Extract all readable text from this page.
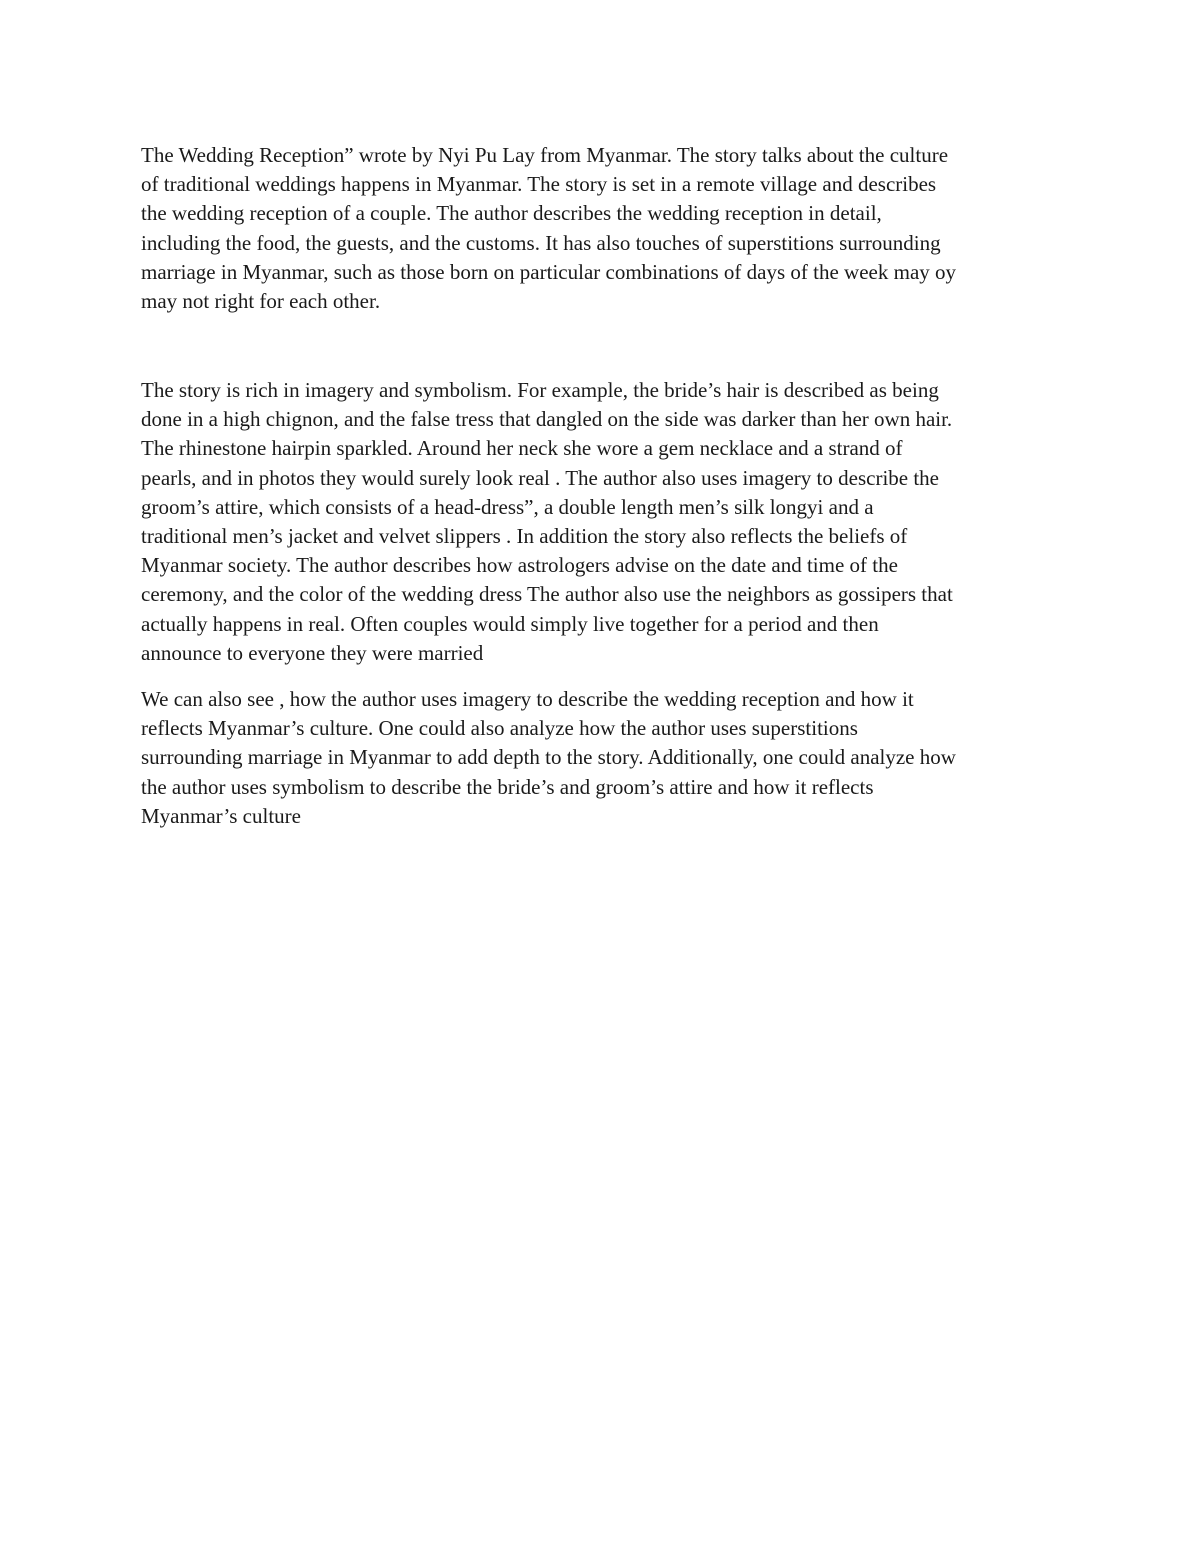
The Wedding Reception” wrote by Nyi Pu Lay from Myanmar. The story talks about the culture
of traditional weddings happens in Myanmar. The story is set in a remote village and describes
the wedding reception of a couple. The author describes the wedding reception in detail,
including the food, the guests, and the customs. It has also touches of superstitions surrounding
marriage in Myanmar, such as those born on particular combinations of days of the week may oy
may not right for each other.
The story is rich in imagery and symbolism. For example, the bride’s hair is described as being
done in a high chignon, and the false tress that dangled on the side was darker than her own hair.
The rhinestone hairpin sparkled. Around her neck she wore a gem necklace and a strand of
pearls, and in photos they would surely look real . The author also uses imagery to describe the
groom’s attire, which consists of a head-dress”, a double length men’s silk longyi and a
traditional men’s jacket and velvet slippers . In addition the story also reflects the beliefs of
Myanmar society. The author describes how astrologers advise on the date and time of the
ceremony, and the color of the wedding dress The author also use the neighbors as gossipers that
actually happens in real. Often couples would simply live together for a period and then
announce to everyone they were married
We can also see , how the author uses imagery to describe the wedding reception and how it
reflects Myanmar’s culture. One could also analyze how the author uses superstitions
surrounding marriage in Myanmar to add depth to the story. Additionally, one could analyze how
the author uses symbolism to describe the bride’s and groom’s attire and how it reflects
Myanmar’s culture
